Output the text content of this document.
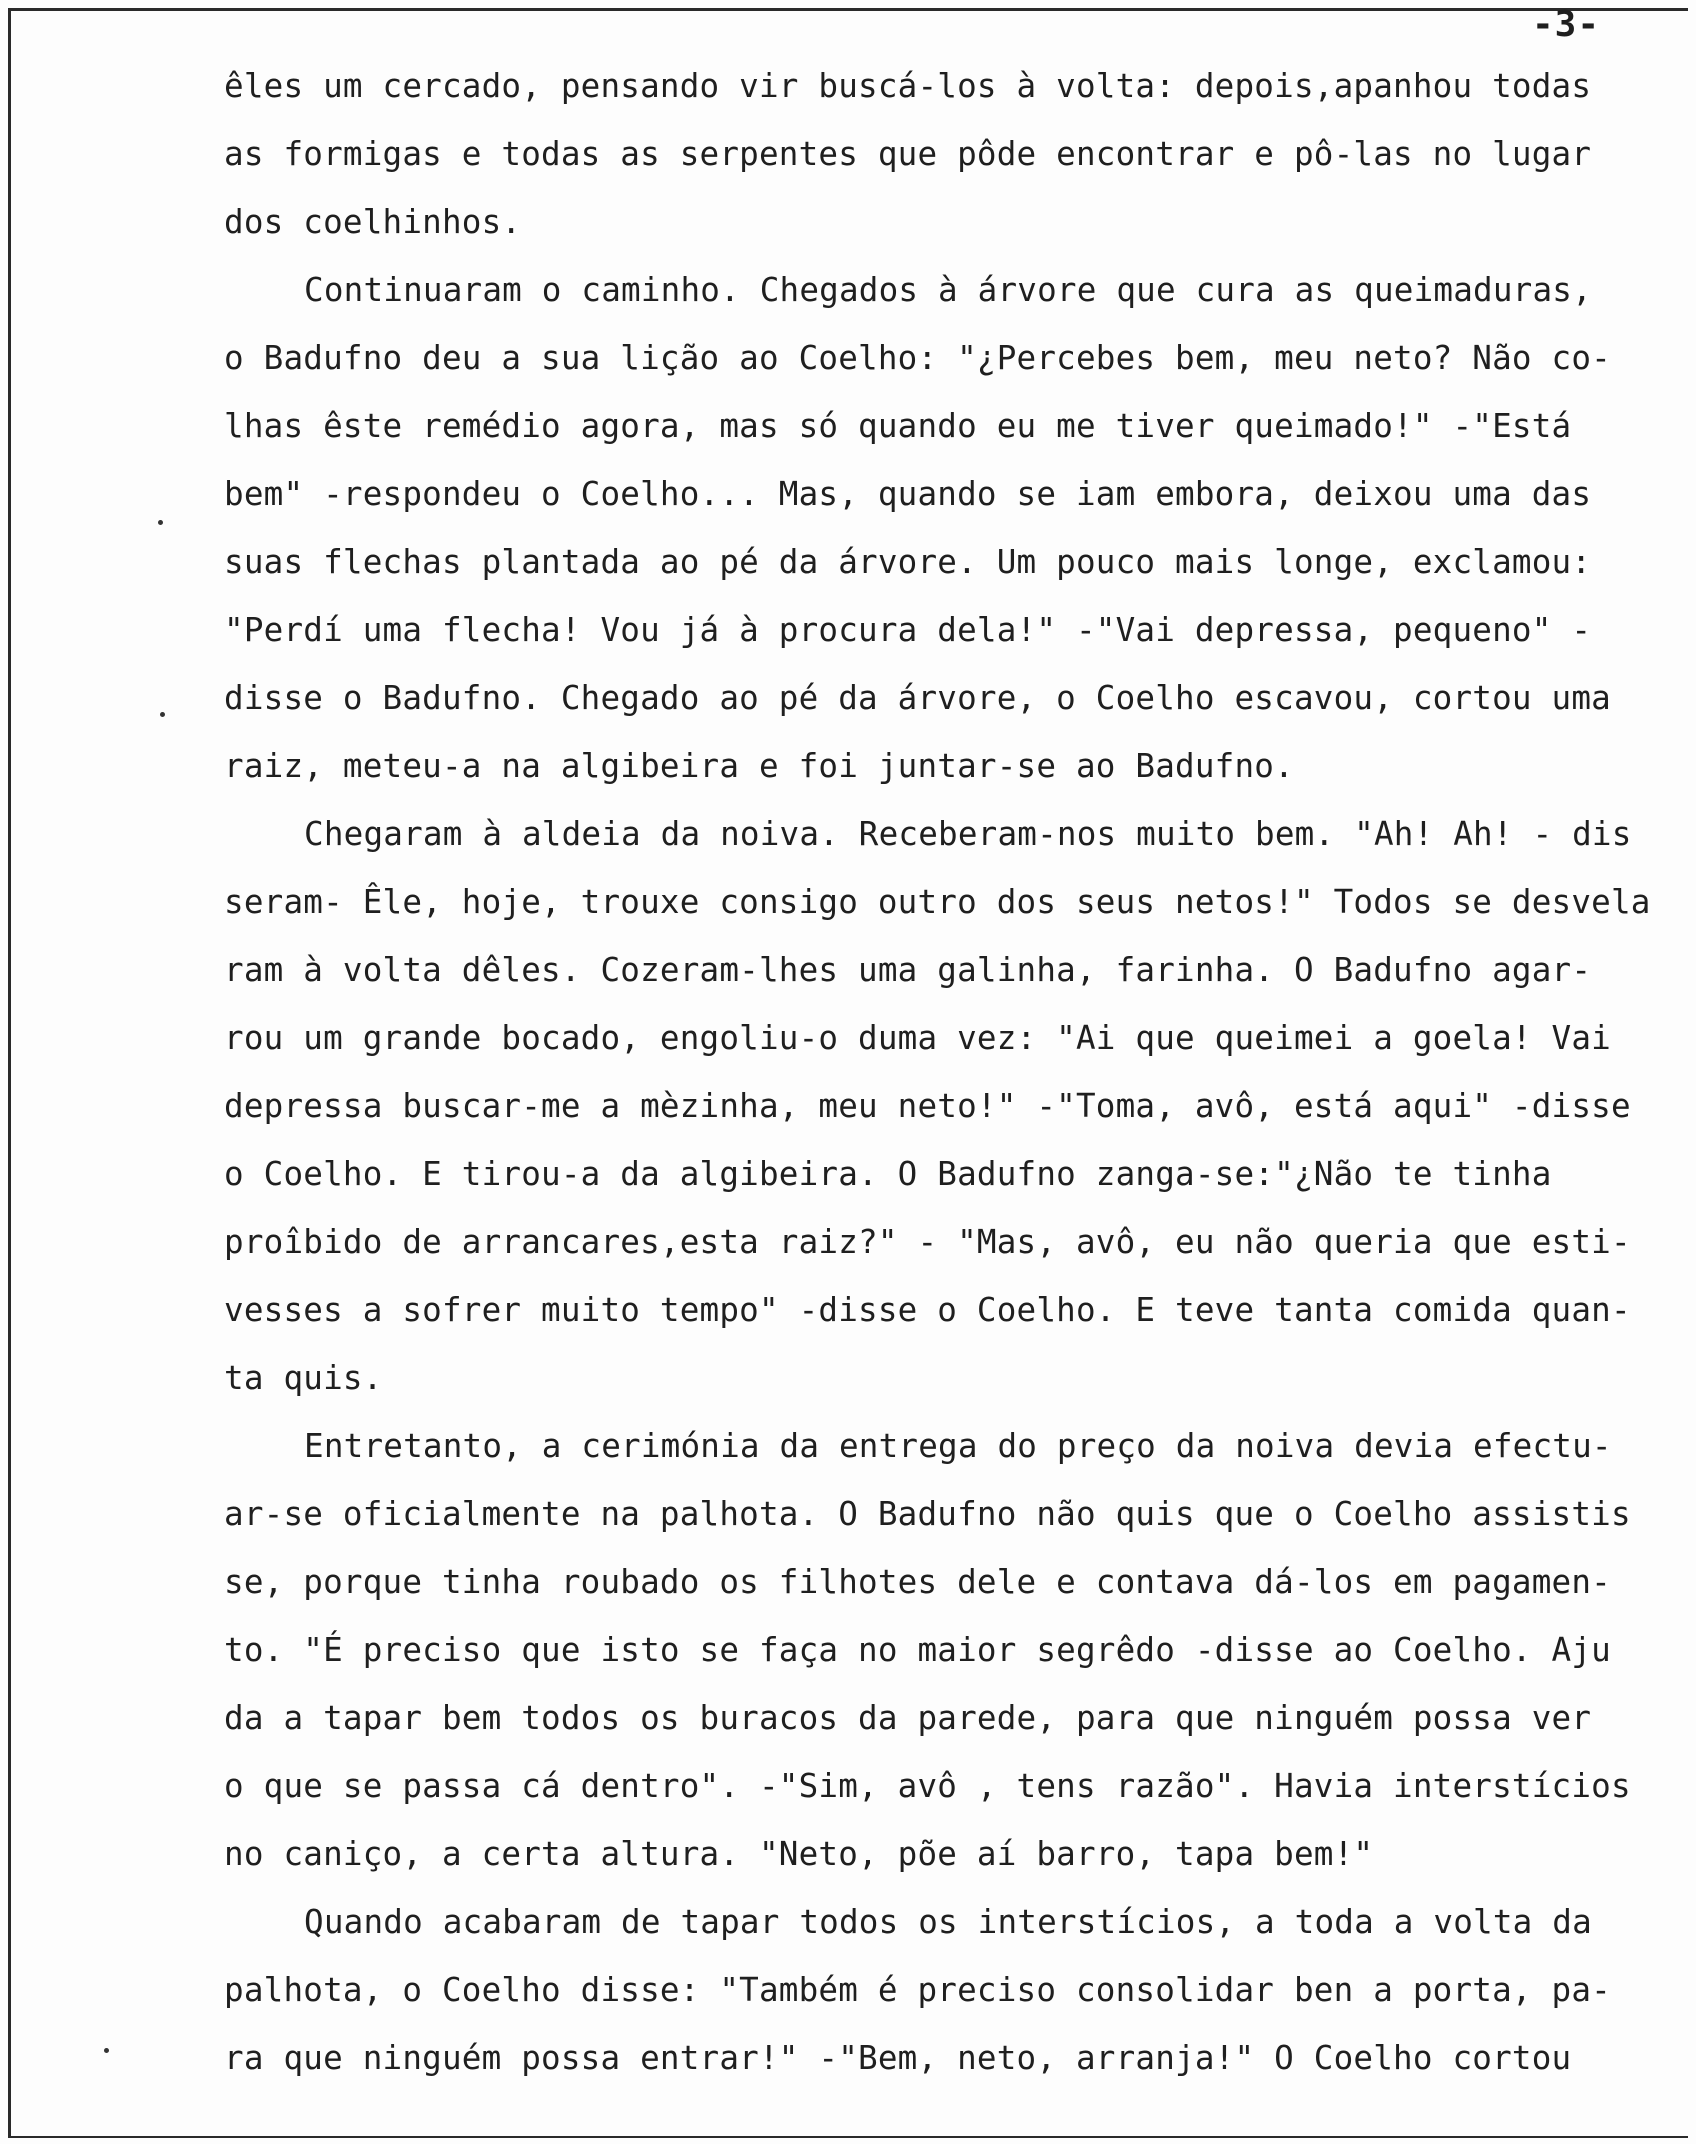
-3-
êles um cercado, pensando vir buscá-los à volta: depois,apanhou todas
as formigas e todas as serpentes que pôde encontrar e pô-las no lugar
dos coelhinhos.
Continuaram o caminho. Chegados à árvore que cura as queimaduras,
o Badufno deu a sua lição ao Coelho: "¿Percebes bem, meu neto? Não co-
lhas êste remédio agora, mas só quando eu me tiver queimado!" -"Está
bem" -respondeu o Coelho... Mas, quando se iam embora, deixou uma das
suas flechas plantada ao pé da árvore. Um pouco mais longe, exclamou:
"Perdí uma flecha! Vou já à procura dela!" -"Vai depressa, pequeno" -
disse o Badufno. Chegado ao pé da árvore, o Coelho escavou, cortou uma
raiz, meteu-a na algibeira e foi juntar-se ao Badufno.
Chegaram à aldeia da noiva. Receberam-nos muito bem. "Ah! Ah! - dis
seram- Êle, hoje, trouxe consigo outro dos seus netos!" Todos se desvela
ram à volta dêles. Cozeram-lhes uma galinha, farinha. O Badufno agar-
rou um grande bocado, engoliu-o duma vez: "Ai que queimei a goela! Vai
depressa buscar-me a mèzinha, meu neto!" -"Toma, avô, está aqui" -disse
o Coelho. E tirou-a da algibeira. O Badufno zanga-se:"¿Não te tinha
proîbido de arrancares,esta raiz?" - "Mas, avô, eu não queria que esti-
vesses a sofrer muito tempo" -disse o Coelho. E teve tanta comida quan-
ta quis.
Entretanto, a cerimónia da entrega do preço da noiva devia efectu-
ar-se oficialmente na palhota. O Badufno não quis que o Coelho assistis
se, porque tinha roubado os filhotes dele e contava dá-los em pagamen-
to. "É preciso que isto se faça no maior segrêdo -disse ao Coelho. Aju
da a tapar bem todos os buracos da parede, para que ninguém possa ver
o que se passa cá dentro". -"Sim, avô , tens razão". Havia interstícios
no caniço, a certa altura. "Neto, põe aí barro, tapa bem!"
Quando acabaram de tapar todos os interstícios, a toda a volta da
palhota, o Coelho disse: "Também é preciso consolidar ben a porta, pa-
ra que ninguém possa entrar!" -"Bem, neto, arranja!" O Coelho cortou
